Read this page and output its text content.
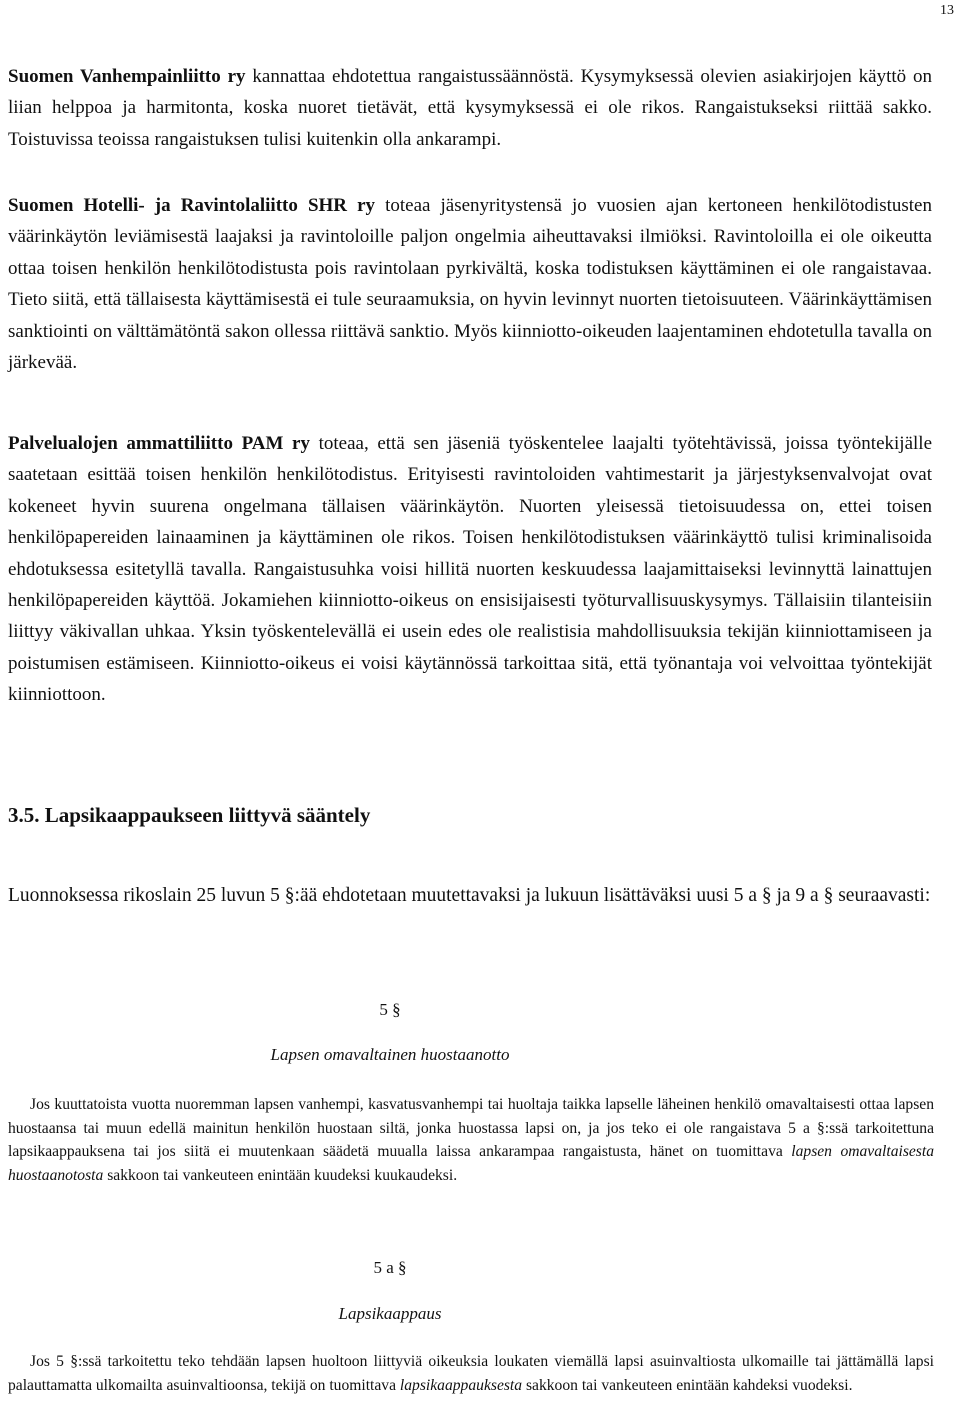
13

Suomen Vanhempainliitto ry kannattaa ehdotettua rangaistussäännöstä. Kysymyksessä olevien asiakirjojen käyttö on liian helppoa ja harmitonta, koska nuoret tietävät, että kysymyksessä ei ole rikos. Rangaistukseksi riittää sakko. Toistuvissa teoissa rangaistuksen tulisi kuitenkin olla ankarampi.

Suomen Hotelli- ja Ravintolaliitto SHR ry toteaa jäsenyritystensä jo vuosien ajan kertoneen henkilötodistusten väärinkäytön leviämisestä laajaksi ja ravintoloille paljon ongelmia aiheuttavaksi ilmiöksi. Ravintoloilla ei ole oikeutta ottaa toisen henkilön henkilötodistusta pois ravintolaan pyrkivältä, koska todistuksen käyttäminen ei ole rangaistavaa. Tieto siitä, että tällaisesta käyttämisestä ei tule seuraamuksia, on hyvin levinnyt nuorten tietoisuuteen. Väärinkäyttämisen sanktiointi on välttämätöntä sakon ollessa riittävä sanktio. Myös kiinniotto-oikeuden laajentaminen ehdotetulla tavalla on järkevää.

Palvelualojen ammattiliitto PAM ry toteaa, että sen jäseniä työskentelee laajalti työtehtävissä, joissa työntekijälle saatetaan esittää toisen henkilön henkilötodistus. Erityisesti ravintoloiden vahtimestarit ja järjestyksenvalvojat ovat kokeneet hyvin suurena ongelmana tällaisen väärinkäytön. Nuorten yleisessä tietoisuudessa on, ettei toisen henkilöpapereiden lainaaminen ja käyttäminen ole rikos. Toisen henkilötodistuksen väärinkäyttö tulisi kriminalisoida ehdotuksessa esitetyllä tavalla. Rangaistusuhka voisi hillitä nuorten keskuudessa laajamittaiseksi levinnyttä lainattujen henkilöpapereiden käyttöä. Jokamiehen kiinniotto-oikeus on ensisijaisesti työturvallisuuskysymys. Tällaisiin tilanteisiin liittyy väkivallan uhkaa. Yksin työskentelevällä ei usein edes ole realistisia mahdollisuuksia tekijän kiinniottamiseen ja poistumisen estämiseen. Kiinniotto-oikeus ei voisi käytännössä tarkoittaa sitä, että työnantaja voi velvoittaa työntekijät kiinniottoon.

3.5. Lapsikaappaukseen liittyvä sääntely

Luonnoksessa rikoslain 25 luvun 5 §:ää ehdotetaan muutettavaksi ja lukuun lisättäväksi uusi 5 a § ja 9 a § seuraavasti:

5 §
Lapsen omavaltainen huostaanotto

Jos kuuttatoista vuotta nuoremman lapsen vanhempi, kasvatusvanhempi tai huoltaja taikka lapselle läheinen henkilö omavaltaisesti ottaa lapsen huostaansa tai muun edellä mainitun henkilön huostaan siltä, jonka huostassa lapsi on, ja jos teko ei ole rangaistava 5 a §:ssä tarkoitettuna lapsikaappauksena tai jos siitä ei muutenkaan säädetä muualla laissa ankarampaa rangaistusta, hänet on tuomittava lapsen omavaltaisesta huostaanotosta sakkoon tai vankeuteen enintään kuudeksi kuukaudeksi.

5 a §
Lapsikaappaus

Jos 5 §:ssä tarkoitettu teko tehdään lapsen huoltoon liittyviä oikeuksia loukaten viemällä lapsi asuinvaltiosta ulkomaille tai jättämällä lapsi palauttamatta ulkomailta asuinvaltioonsa, tekijä on tuomittava lapsikaappauksesta sakkoon tai vankeuteen enintään kahdeksi vuodeksi.
